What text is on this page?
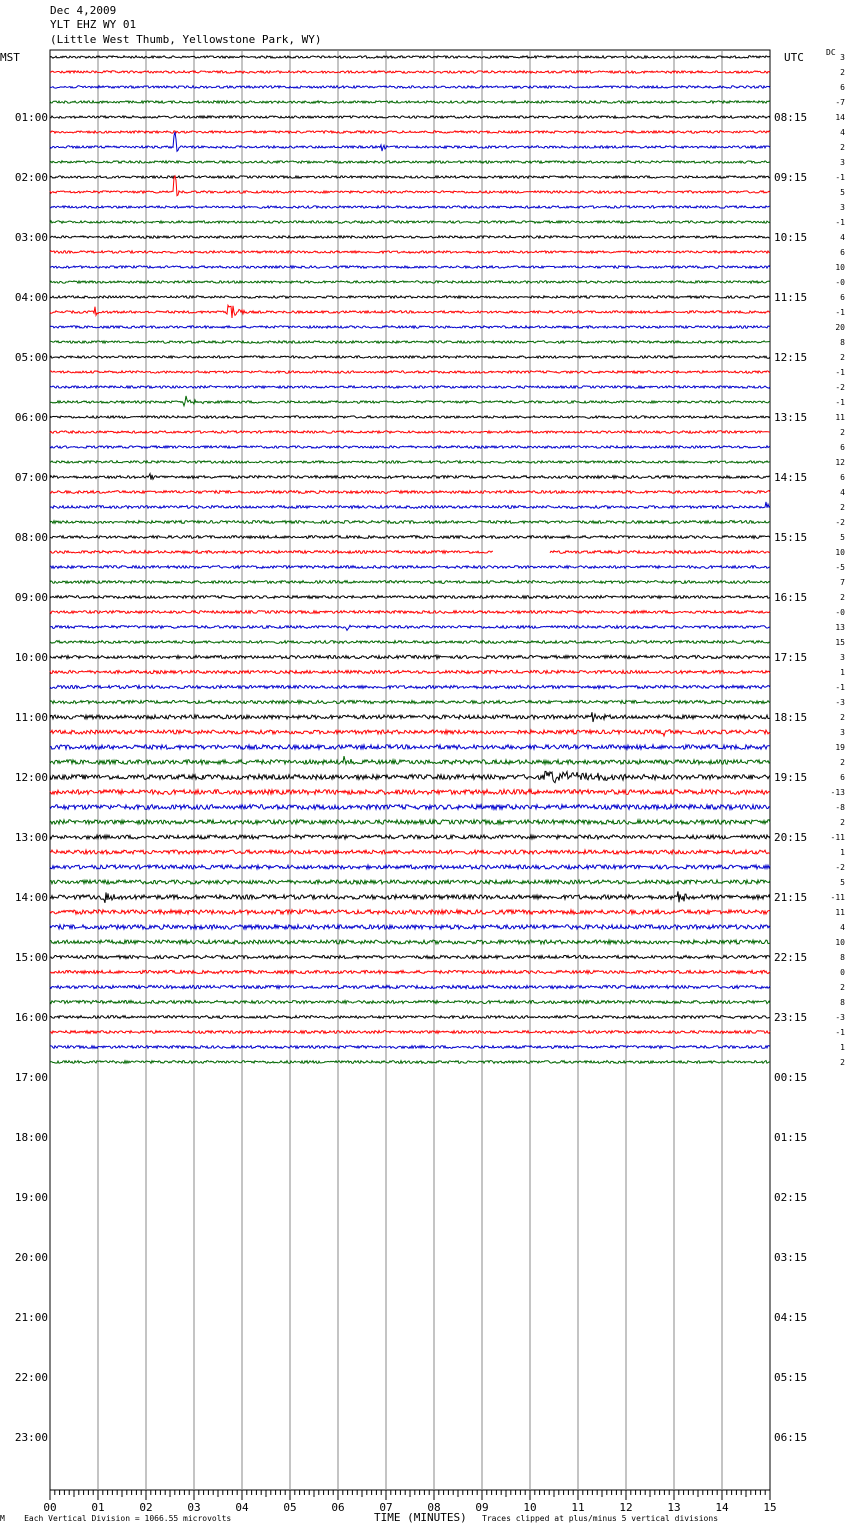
Dec 4,2009
YLT EHZ WY 01
(Little West Thumb, Yellowstone Park, WY)
MST	UTC	DC
00	01	02	03	04	05	06	07	08	09	10	11	12	13	14	15
01:00
02:00
03:00
04:00
05:00
06:00
07:00
08:00
09:00
10:00
11:00
12:00
13:00
14:00
15:00
16:00
17:00
18:00
19:00
20:00
21:00
22:00
23:00
08:15
09:15
10:15
11:15
12:15
13:15
14:15
15:15
16:15
17:15
18:15
19:15
20:15
21:15
22:15
23:15
00:15
01:15
02:15
03:15
04:15
05:15
06:15
3
2
6
-7
14
4
2
3
-1
5
3
-1
4
6
10
-0
6
-1
20
8
2
-1
-2
-1
11
2
6
12
6
4
2
-2
5
10
-5
7
2
-0
13
15
3
1
-1
-3
2
3
19
2
6
-13
-8
2
-11
1
-2
5
-11
11
4
10
8
0
2
8
-3
-1
1
2
M Each Vertical Division = 1066.55 microvolts	TIME (MINUTES) Traces clipped at plus/minus 5 vertical divisions
